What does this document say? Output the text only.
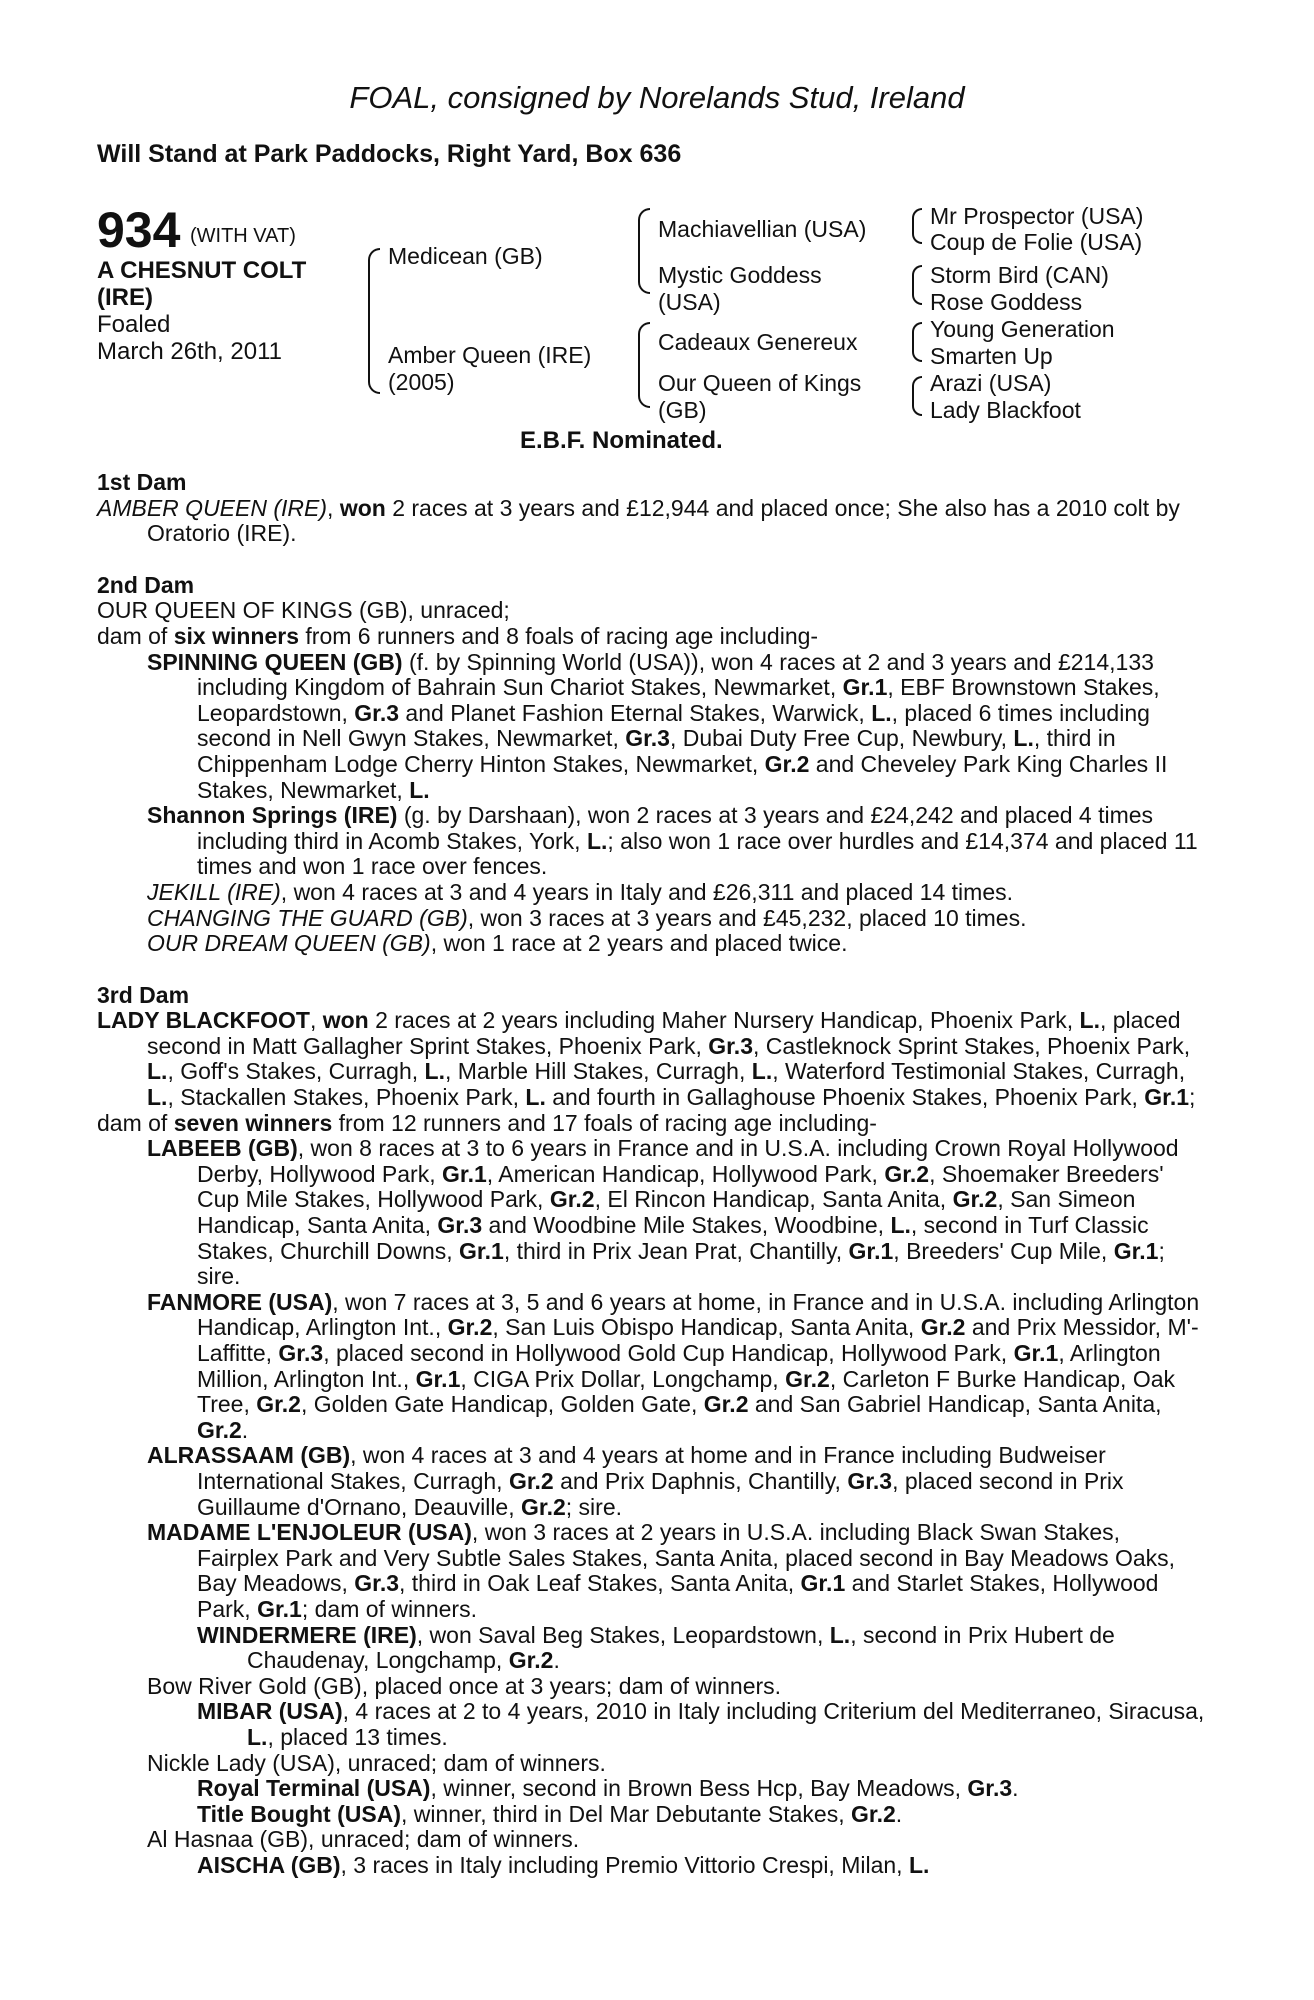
FOAL, consigned by Norelands Stud, Ireland
Will Stand at Park Paddocks, Right Yard, Box 636
934 (WITH VAT)
A CHESNUT COLT
(IRE)
Foaled
March 26th, 2011
Medicean (GB)
Amber Queen (IRE)
(2005)
Machiavellian (USA)
Mystic Goddess
(USA)
Cadeaux Genereux
Our Queen of Kings
(GB)
Mr Prospector (USA)
Coup de Folie (USA)
Storm Bird (CAN)
Rose Goddess
Young Generation
Smarten Up
Arazi (USA)
Lady Blackfoot
E.B.F. Nominated.

1st Dam

AMBER QUEEN (IRE), won 2 races at 3 years and £12,944 and placed once; She also has a 2010 colt by Oratorio (IRE).

2nd Dam

OUR QUEEN OF KINGS (GB), unraced;

dam of six winners from 6 runners and 8 foals of racing age including-

SPINNING QUEEN (GB) (f. by Spinning World (USA)), won 4 races at 2 and 3 years and £214,133 including Kingdom of Bahrain Sun Chariot Stakes, Newmarket, Gr.1, EBF Brownstown Stakes, Leopardstown, Gr.3 and Planet Fashion Eternal Stakes, Warwick, L., placed 6 times including second in Nell Gwyn Stakes, Newmarket, Gr.3, Dubai Duty Free Cup, Newbury, L., third in Chippenham Lodge Cherry Hinton Stakes, Newmarket, Gr.2 and Cheveley Park King Charles II Stakes, Newmarket, L.

Shannon Springs (IRE) (g. by Darshaan), won 2 races at 3 years and £24,242 and placed 4 times including third in Acomb Stakes, York, L.; also won 1 race over hurdles and £14,374 and placed 11 times and won 1 race over fences.

JEKILL (IRE), won 4 races at 3 and 4 years in Italy and £26,311 and placed 14 times.

CHANGING THE GUARD (GB), won 3 races at 3 years and £45,232, placed 10 times.

OUR DREAM QUEEN (GB), won 1 race at 2 years and placed twice.

3rd Dam

LADY BLACKFOOT, won 2 races at 2 years including Maher Nursery Handicap, Phoenix Park, L., placed second in Matt Gallagher Sprint Stakes, Phoenix Park, Gr.3, Castleknock Sprint Stakes, Phoenix Park, L., Goff's Stakes, Curragh, L., Marble Hill Stakes, Curragh, L., Waterford Testimonial Stakes, Curragh, L., Stackallen Stakes, Phoenix Park, L. and fourth in Gallaghouse Phoenix Stakes, Phoenix Park, Gr.1;

dam of seven winners from 12 runners and 17 foals of racing age including-

LABEEB (GB), won 8 races at 3 to 6 years in France and in U.S.A. including Crown Royal Hollywood Derby, Hollywood Park, Gr.1, American Handicap, Hollywood Park, Gr.2, Shoemaker Breeders' Cup Mile Stakes, Hollywood Park, Gr.2, El Rincon Handicap, Santa Anita, Gr.2, San Simeon Handicap, Santa Anita, Gr.3 and Woodbine Mile Stakes, Woodbine, L., second in Turf Classic Stakes, Churchill Downs, Gr.1, third in Prix Jean Prat, Chantilly, Gr.1, Breeders' Cup Mile, Gr.1; sire.

FANMORE (USA), won 7 races at 3, 5 and 6 years at home, in France and in U.S.A. including Arlington Handicap, Arlington Int., Gr.2, San Luis Obispo Handicap, Santa Anita, Gr.2 and Prix Messidor, M'-Laffitte, Gr.3, placed second in Hollywood Gold Cup Handicap, Hollywood Park, Gr.1, Arlington Million, Arlington Int., Gr.1, CIGA Prix Dollar, Longchamp, Gr.2, Carleton F Burke Handicap, Oak Tree, Gr.2, Golden Gate Handicap, Golden Gate, Gr.2 and San Gabriel Handicap, Santa Anita, Gr.2.

ALRASSAAM (GB), won 4 races at 3 and 4 years at home and in France including Budweiser International Stakes, Curragh, Gr.2 and Prix Daphnis, Chantilly, Gr.3, placed second in Prix Guillaume d'Ornano, Deauville, Gr.2; sire.

MADAME L'ENJOLEUR (USA), won 3 races at 2 years in U.S.A. including Black Swan Stakes, Fairplex Park and Very Subtle Sales Stakes, Santa Anita, placed second in Bay Meadows Oaks, Bay Meadows, Gr.3, third in Oak Leaf Stakes, Santa Anita, Gr.1 and Starlet Stakes, Hollywood Park, Gr.1; dam of winners.

WINDERMERE (IRE), won Saval Beg Stakes, Leopardstown, L., second in Prix Hubert de Chaudenay, Longchamp, Gr.2.

Bow River Gold (GB), placed once at 3 years; dam of winners.

MIBAR (USA), 4 races at 2 to 4 years, 2010 in Italy including Criterium del Mediterraneo, Siracusa, L., placed 13 times.

Nickle Lady (USA), unraced; dam of winners.

Royal Terminal (USA), winner, second in Brown Bess Hcp, Bay Meadows, Gr.3.

Title Bought (USA), winner, third in Del Mar Debutante Stakes, Gr.2.

Al Hasnaa (GB), unraced; dam of winners.

AISCHA (GB), 3 races in Italy including Premio Vittorio Crespi, Milan, L.
